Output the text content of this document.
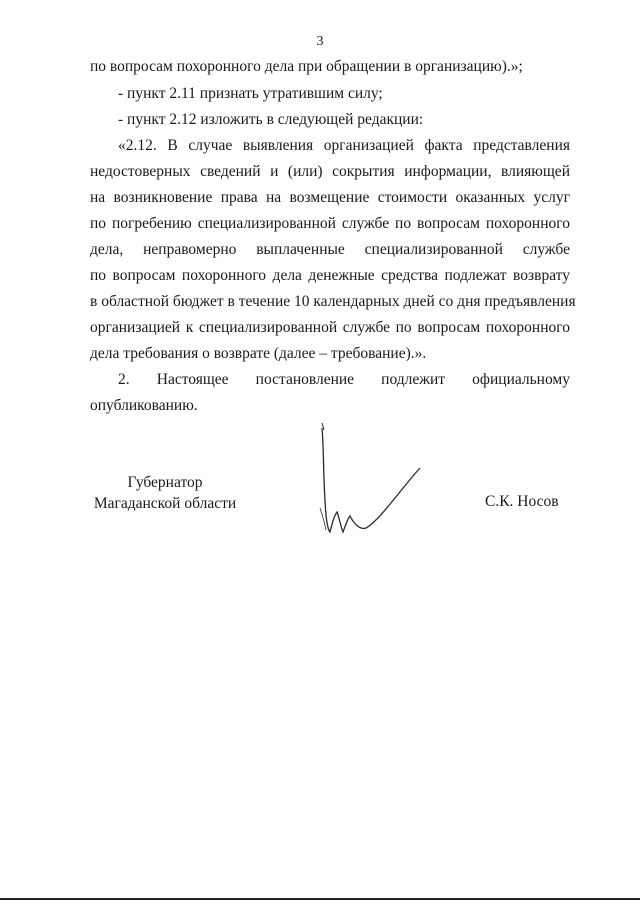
3
по вопросам похоронного дела при обращении в организацию).»;
- пункт 2.11 признать утратившим силу;
- пункт 2.12 изложить в следующей редакции:
«2.12. В случае выявления организацией факта представления
недостоверных сведений и (или) сокрытия информации, влияющей
на возникновение права на возмещение стоимости оказанных услуг
по погребению специализированной службе по вопросам похоронного
дела, неправомерно выплаченные специализированной службе
по вопросам похоронного дела денежные средства подлежат возврату
в областной бюджет в течение 10 календарных дней со дня предъявления
организацией к специализированной службе по вопросам похоронного
дела требования о возврате (далее – требование).».
2. Настоящее постановление подлежит официальному
опубликованию.
Губернатор
Магаданской области	С.К. Носов
